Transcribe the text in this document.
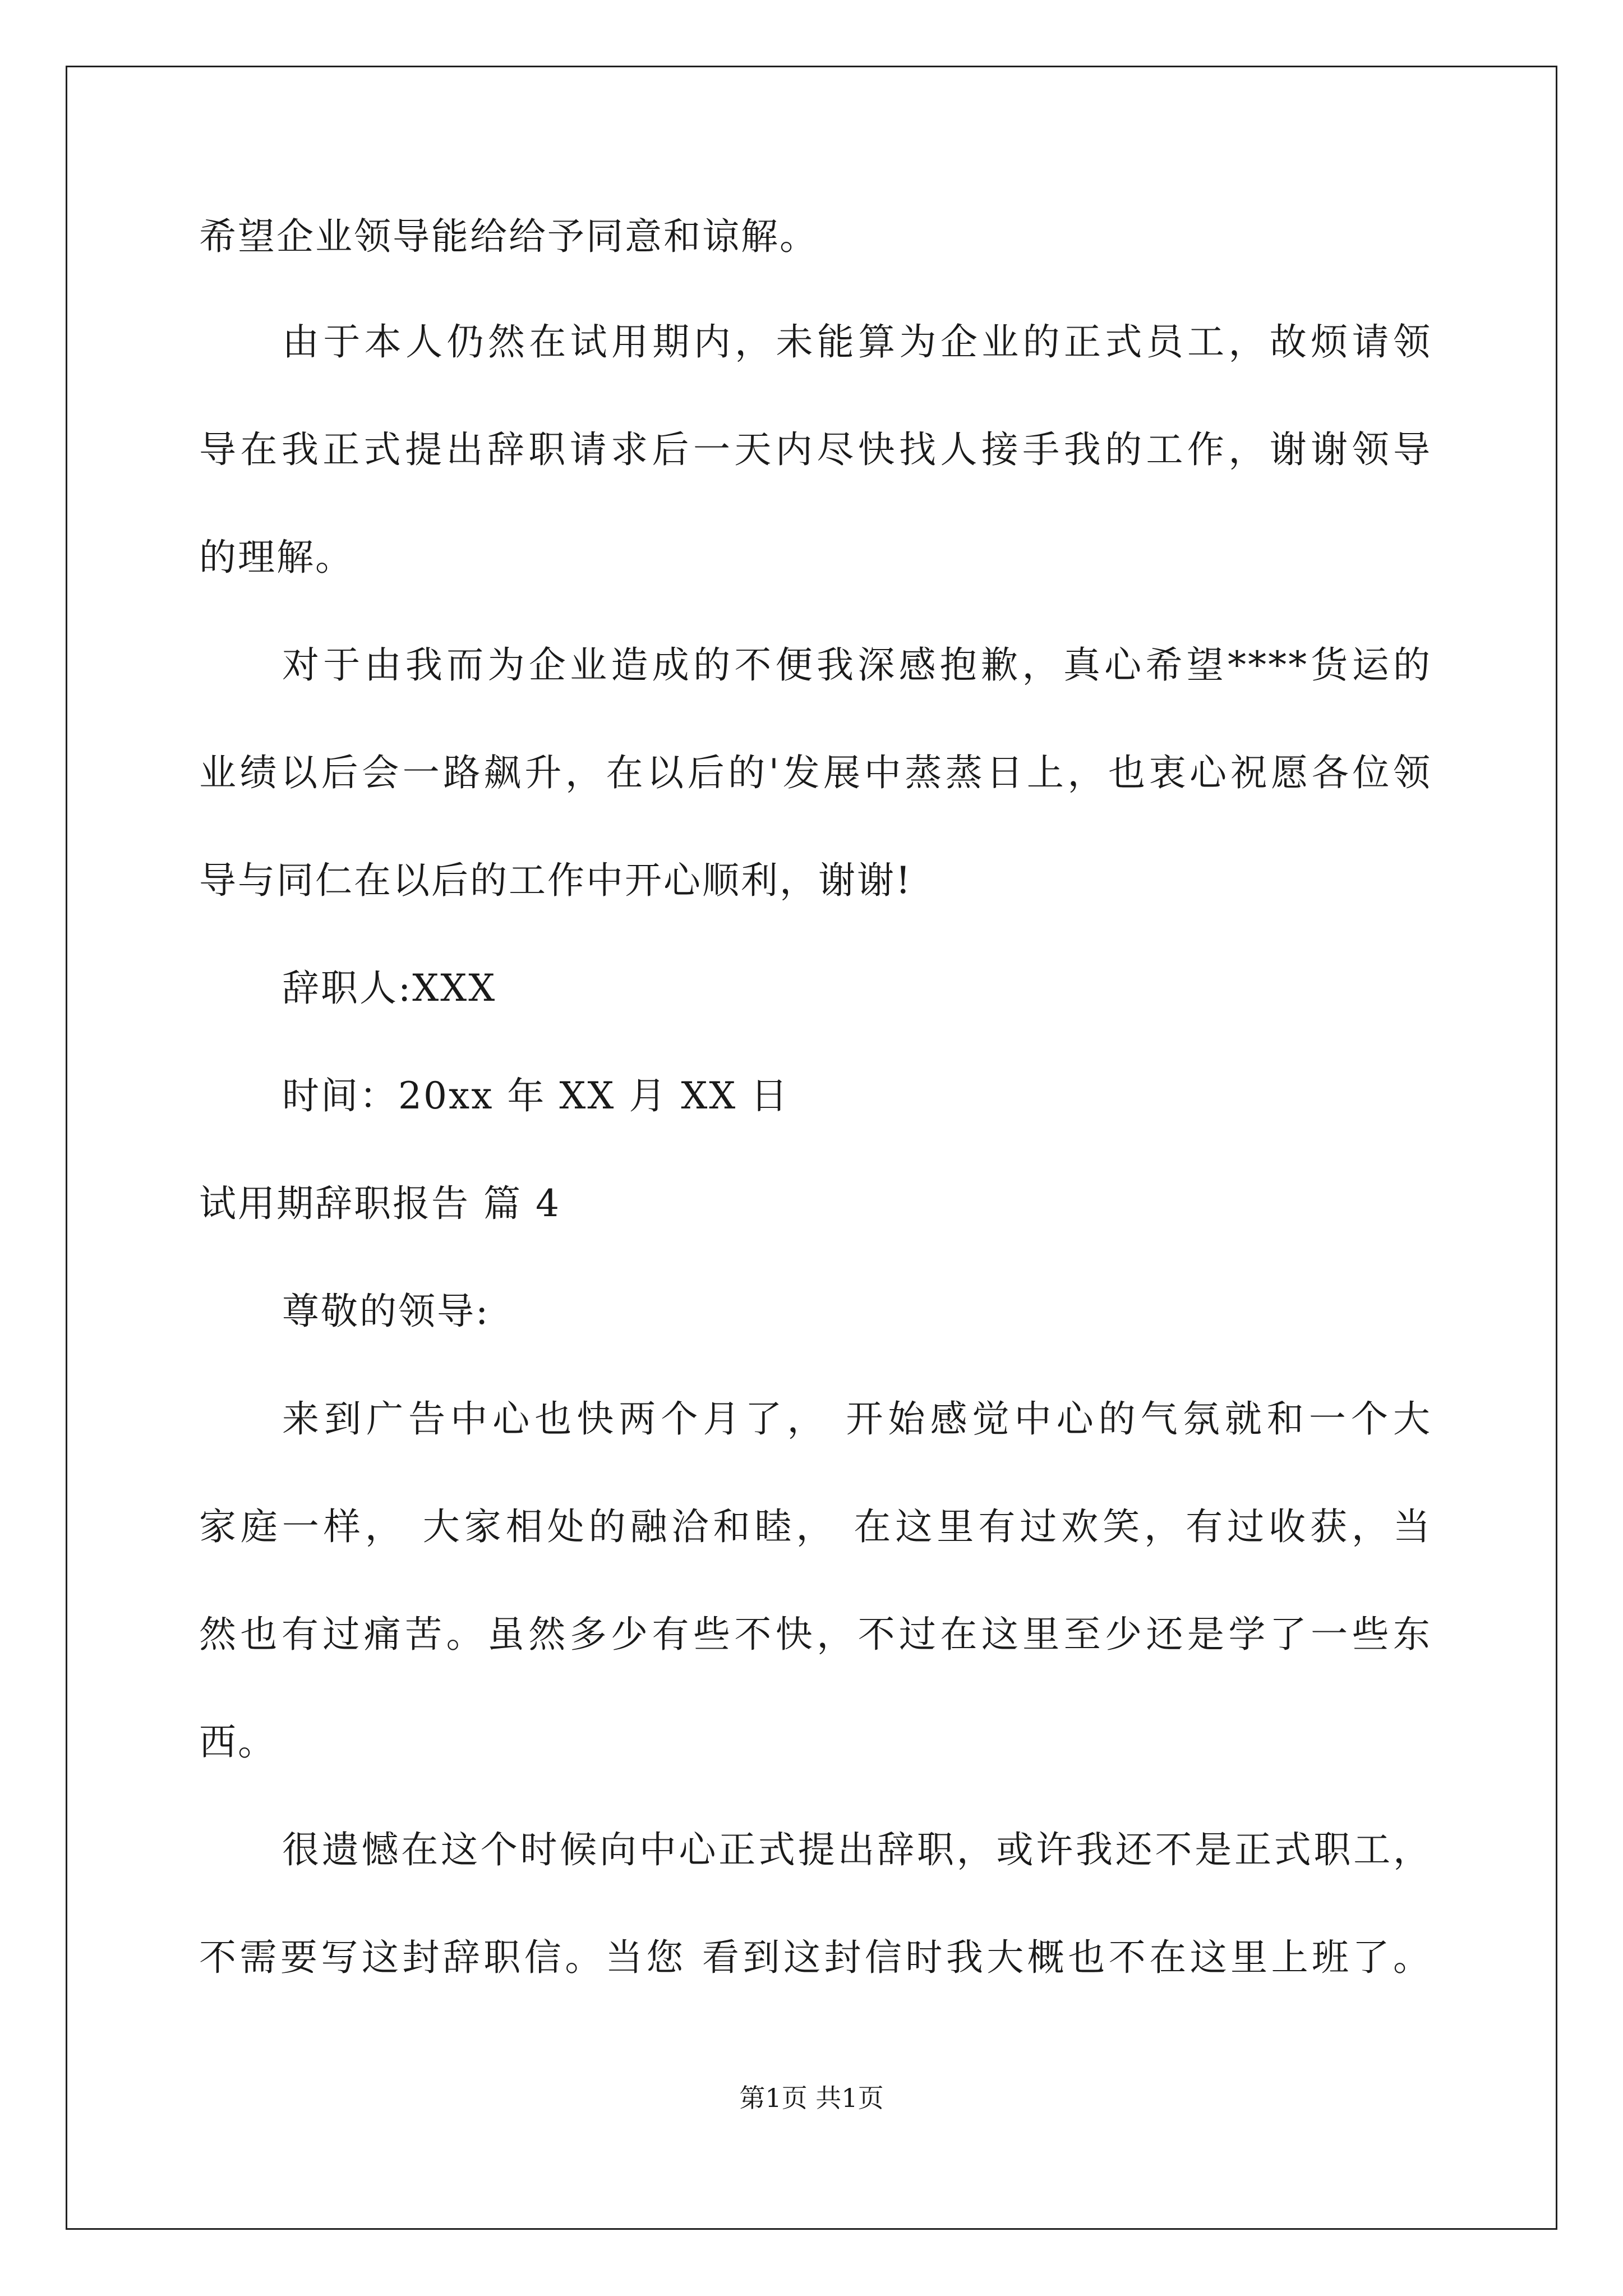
希望企业领导能给给予同意和谅解。
由于本人仍然在试用期内，未能算为企业的正式员工，故烦请领
导在我正式提出辞职请求后一天内尽快找人接手我的工作，谢谢领导
的理解。
对于由我而为企业造成的不便我深感抱歉，真心希望****货运的
业绩以后会一路飙升，在以后的'发展中蒸蒸日上，也衷心祝愿各位领
导与同仁在以后的工作中开心顺利，谢谢!
辞职人:XXX
时间：20xx 年 XX 月 XX 日
试用期辞职报告 篇 4
尊敬的领导:
来到广告中心也快两个月了， 开始感觉中心的气氛就和一个大
家庭一样， 大家相处的融洽和睦， 在这里有过欢笑，有过收获，当
然也有过痛苦。虽然多少有些不快，不过在这里至少还是学了一些东
西。
很遗憾在这个时候向中心正式提出辞职，或许我还不是正式职工，
不需要写这封辞职信。当您 看到这封信时我大概也不在这里上班了。
第1页 共1页
